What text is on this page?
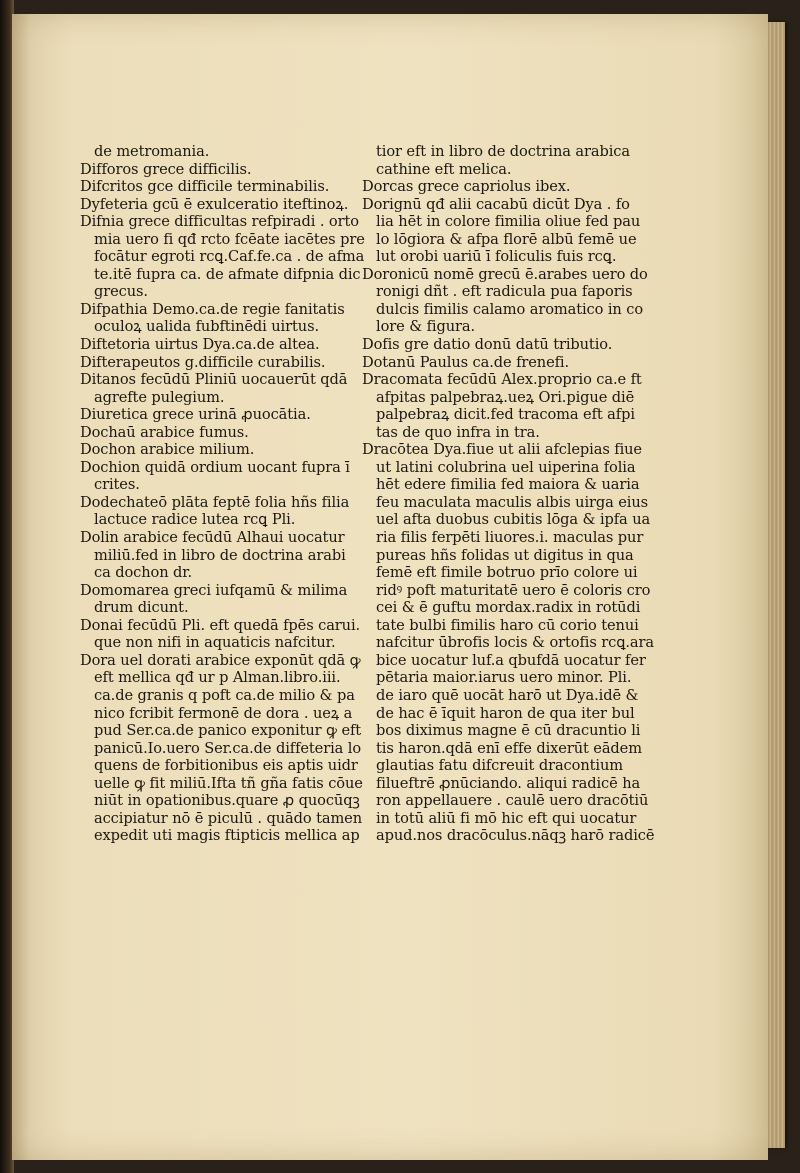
de metromania.
Difforos grece difficilis.
Difcritos gce difficile terminabilis.
Dyfeteria gcū ē exulceratio iteftinoꝝ.
Difnia grece difficultas refpiradi . orto
mia uero fi qđ rcto fcēate iacētes pre
focātur egroti rcꝗ.Caf.fe.ca . de afma
te.itē fupra ca. de afmate difpnia dic
grecus.
Difpathia Demo.ca.de regie fanitatis
oculoꝝ ualida fubftinēdi uirtus.
Diftetoria uirtus Dya.ca.de altea.
Difterapeutos g.difficile curabilis.
Ditanos fecūdū Pliniū uocauerūt qdā
agrefte pulegium.
Diuretica grece urinā ꝓuocātia.
Dochaū arabice fumus.
Dochon arabice milium.
Dochion quidā ordium uocant fupra ī
crites.
Dodechateō plāta feptē folia hñs filia
lactuce radice lutea rcꝗ Pli.
Dolin arabice fecūdū Alhaui uocatur
miliū.fed in libro de doctrina arabi
ca dochon dr.
Domomarea greci iufqamū & milima
drum dicunt.
Donai fecūdū Pli. eft quedā fpēs carui.
que non nifi in aquaticis nafcitur.
Dora uel dorati arabice exponūt qdā ꝙ
eft mellica qđ ur p Alman.libro.iii.
ca.de granis q poft ca.de milio & pa
nico fcribit fermonē de dora . ueꝝ a
pud Ser.ca.de panico exponitur ꝙ eft
panicū.Io.uero Ser.ca.de diffeteria lo
quens de forbitionibus eis aptis uidr
uelle ꝙ fit miliū.Ifta tñ gña fatis cōue
niūt in opationibus.quare ꝓ quocūqꝫ
accipiatur nō ē piculū . quādo tamen
expedit uti magis ftipticis mellica ap
tior eft in libro de doctrina arabica
cathine eft melica.
Dorcas grece capriolus ibex.
Dorignū qđ alii cacabū dicūt Dya . fo
lia hēt in colore fimilia oliue fed pau
lo lōgiora & afpa florē albū femē ue
lut orobi uariū ī foliculis fuis rcꝗ.
Doronicū nomē grecū ē.arabes uero do
ronigi dñt . eft radicula pua faporis
dulcis fimilis calamo aromatico in co
lore & figura.
Dofis gre datio donū datū tributio.
Dotanū Paulus ca.de frenefi.
Dracomata fecūdū Alex.proprio ca.e ft
afpitas palpebraꝝ.ueꝝ Ori.pigue diē
palpebraꝝ dicit.fed tracoma eft afpi
tas de quo infra in tra.
Dracōtea Dya.fiue ut alii afclepias fiue
ut latini colubrina uel uiperina folia
hēt edere fimilia fed maiora & uaria
feu maculata maculis albis uirga eius
uel afta duobus cubitis lōga & ipfa ua
ria filis ferpēti liuores.i. maculas pur
pureas hñs folidas ut digitus in qua
femē eft fimile botruo prīo colore ui
ridꝰ poft maturitatē uero ē coloris cro
cei & ē guftu mordax.radix in rotūdi
tate bulbi fimilis haro cū corio tenui
nafcitur ūbrofis locis & ortofis rcꝗ.ara
bice uocatur luf.a qbufdā uocatur fer
pētaria maior.iarus uero minor. Pli.
de iaro quē uocāt harō ut Dya.idē &
de hac ē īquit haron de qua iter bul
bos diximus magne ē cū dracuntio li
tis haron.qdā enī effe dixerūt eādem
glautias fatu difcreuit dracontium
filueftrē ꝓnūciando. aliqui radicē ha
ron appellauere . caulē uero dracōtiū
in totū aliū fi mō hic eft qui uocatur
apud.nos dracōculus.nāqꝫ harō radicē
